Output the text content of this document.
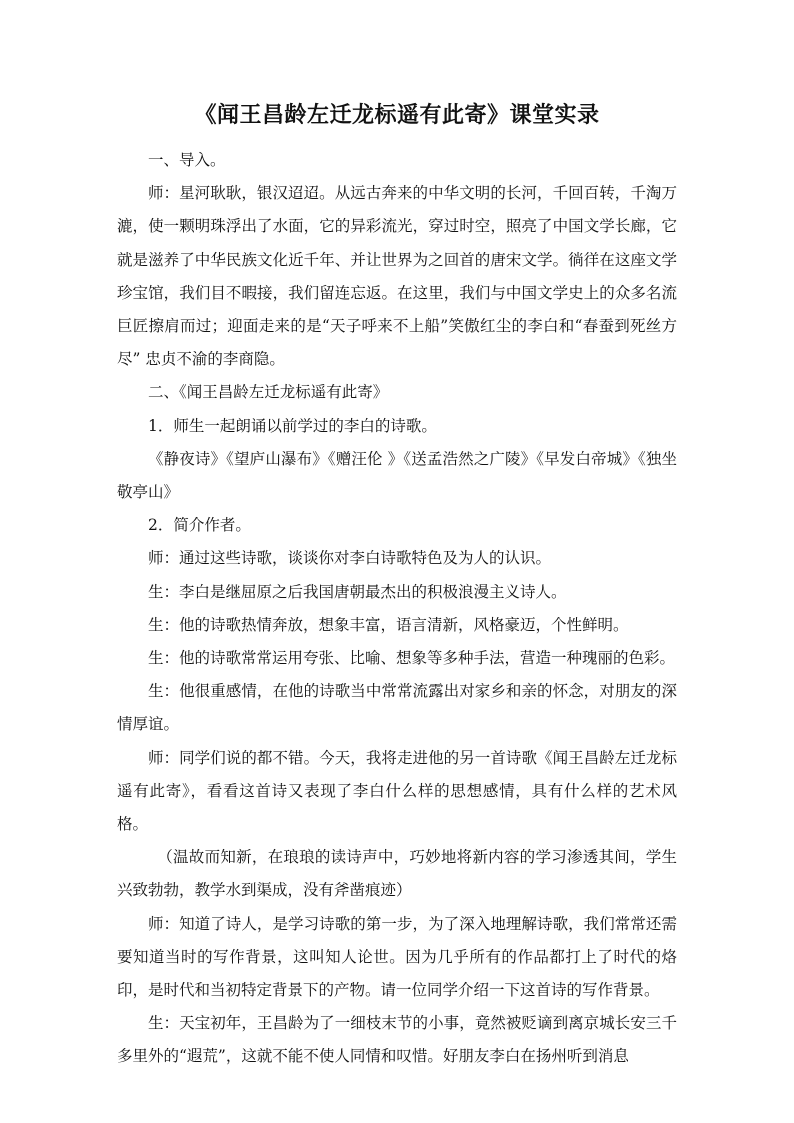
《闻王昌龄左迁龙标遥有此寄》课堂实录

一、导入。

师：星河耿耿，银汉迢迢。从远古奔来的中华文明的长河，千回百转，千淘万漉，使一颗明珠浮出了水面，它的异彩流光，穿过时空，照亮了中国文学长廊，它就是滋养了中华民族文化近千年、并让世界为之回首的唐宋文学。徜徉在这座文学珍宝馆，我们目不暇接，我们留连忘返。在这里，我们与中国文学史上的众多名流巨匠擦肩而过；迎面走来的是“天子呼来不上船”笑傲红尘的李白和“春蚕到死丝方尽” 忠贞不渝的李商隐。

二、《闻王昌龄左迁龙标遥有此寄》

1．师生一起朗诵以前学过的李白的诗歌。

《静夜诗》《望庐山瀑布》《赠汪伦 》《送孟浩然之广陵》《早发白帝城》《独坐敬亭山》

2．简介作者。

师：通过这些诗歌，谈谈你对李白诗歌特色及为人的认识。

生：李白是继屈原之后我国唐朝最杰出的积极浪漫主义诗人。

生：他的诗歌热情奔放，想象丰富，语言清新，风格豪迈，个性鲜明。

生：他的诗歌常常运用夸张、比喻、想象等多种手法，营造一种瑰丽的色彩。

生：他很重感情，在他的诗歌当中常常流露出对家乡和亲的怀念，对朋友的深情厚谊。

师：同学们说的都不错。今天，我将走进他的另一首诗歌《闻王昌龄左迁龙标遥有此寄》，看看这首诗又表现了李白什么样的思想感情，具有什么样的艺术风格。

（温故而知新，在琅琅的读诗声中，巧妙地将新内容的学习渗透其间，学生兴致勃勃，教学水到渠成，没有斧凿痕迹）

师：知道了诗人，是学习诗歌的第一步，为了深入地理解诗歌，我们常常还需要知道当时的写作背景，这叫知人论世。因为几乎所有的作品都打上了时代的烙印，是时代和当初特定背景下的产物。请一位同学介绍一下这首诗的写作背景。

生：天宝初年，王昌龄为了一细枝末节的小事，竟然被贬谪到离京城长安三千多里外的“遐荒”，这就不能不使人同情和叹惜。好朋友李白在扬州听到消息
